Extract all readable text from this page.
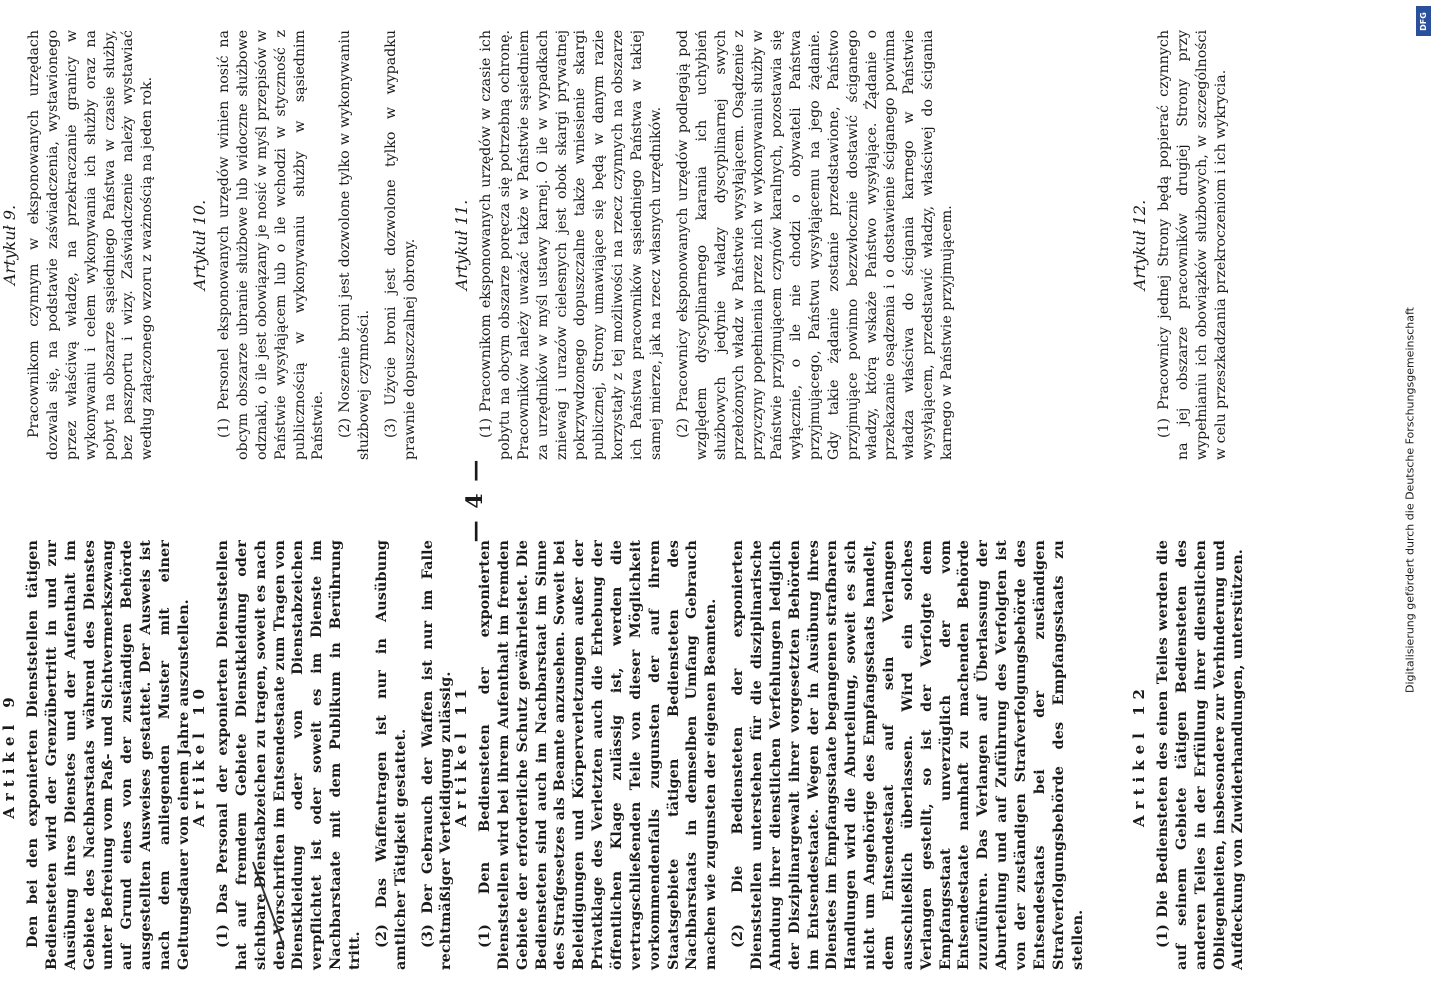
— 4 —

Artykuł 9. Pracownikom czynnym w eksponowanych urzędach dozwala się, na podstawie zaświadczenia, wystawionego przez właściwą władzę, na przekraczanie granicy w wykonywaniu i celem wykonywania ich służby oraz na pobyt na obszarze sąsiedniego Państwa w czasie służby, bez paszportu i wizy. Zaświadczenie należy wystawiać według załączonego wzoru z ważnością na jeden rok. Artykuł 10. (1) Personel eksponowanych urzędów winien nosić na obcym obszarze ubranie służbowe lub widoczne służbowe odznaki, o ile jest obowiązany je nosić w myśl przepisów w Państwie wysyłającem lub o ile wchodzi w styczność z publicznością w wykonywaniu służby w sąsiednim Państwie. (2) Noszenie broni jest dozwolone tylko w wykonywaniu służbowej czynności. (3) Użycie broni jest dozwolone tylko w wypadku prawnie dopuszczalnej obrony. Artykuł 11. (1) Pracownikom eksponowanych urzędów w czasie ich pobytu na obcym obszarze poręcza się potrzebną ochronę. Pracowników należy uważać także w Państwie sąsiedniem za urzędników w myśl ustawy karnej. O ile w wypadkach zniewag i urazów cielesnych jest obok skargi prywatnej pokrzywdzonego dopuszczalne także wniesienie skargi publicznej, Strony umawiające się będą w danym razie korzystały z tej możliwości na rzecz czynnych na obszarze ich Państwa pracowników sąsiedniego Państwa w takiej samej mierze, jak na rzecz własnych urzędników. (2) Pracownicy eksponowanych urzędów podlegają pod względem dyscyplinarnego karania ich uchybień służbowych jedynie władzy dyscyplinarnej swych przełożonych władz w Państwie wysyłającem. Osądzenie z przyczyny popełnienia przez nich w wykonywaniu służby w Państwie przyjmującem czynów karalnych, pozostawia się wyłącznie, o ile nie chodzi o obywateli Państwa przyjmującego, Państwu wysyłającemu na jego żądanie. Gdy takie żądanie zostanie przedstawione, Państwo przyjmujące powinno bezzwłocznie dostawić ściganego władzy, którą wskaże Państwo wysyłające. Żądanie o przekazanie osądzenia i o dostawienie ściganego powinna władza właściwa do ścigania karnego w Państwie wysyłającem, przedstawić władzy, właściwej do ścigania karnego w Państwie przyjmującem.	Artykuł 12. (1) Pracownicy jednej Strony będą popierać czynnych na jej obszarze pracowników drugiej Strony przy wypełnianiu ich obowiązków służbowych, w szczególności w celu przeszkadzania przekroczeniom i ich wykrycia.

Artikel 9 Den bei den exponierten Dienststellen tätigen Bediensteten wird der Grenzübertritt in und zur Ausübung ihres Dienstes und der Aufenthalt im Gebiete des Nachbarstaats während des Dienstes unter Befreiung vom Paß- und Sichtvermerkszwang auf Grund eines von der zuständigen Behörde ausgestellten Ausweises gestattet. Der Ausweis ist nach dem anliegenden Muster mit einer Geltungsdauer von einem Jahre auszustellen.

Artikel 10 (1) Das Personal der exponierten Dienststellen hat auf fremdem Gebiete Dienstkleidung oder sichtbare Dienstabzeichen zu tragen, soweit es nach den Vorschriften im Entsendestaate zum Tragen von Dienstkleidung oder von Dienstabzeichen verpflichtet ist oder soweit es im Dienste im Nachbarstaate mit dem Publikum in Berührung tritt.

(2) Das Waffentragen ist nur in Ausübung amtlicher Tätigkeit gestattet. (3) Der Gebrauch der Waffen ist nur im Falle rechtmäßiger Verteidigung zulässig.

Artikel 11 (1) Den Bediensteten der exponierten Dienststellen wird bei ihrem Aufenthalt im fremden Gebiete der erforderliche Schutz gewährleistet. Die Bediensteten sind auch im Nachbarstaat im Sinne des Strafgesetzes als Beamte anzusehen. Soweit bei Beleidigungen und Körperverletzungen außer der Privatklage des Verletzten auch die Erhebung der öffentlichen Klage zulässig ist, werden die vertragschließenden Teile von dieser Möglichkeit vorkommendenfalls zugunsten der auf ihrem Staatsgebiete tätigen Bediensteten des Nachbarstaats in demselben Umfang Gebrauch machen wie zugunsten der eigenen Beamten. (2) Die Bediensteten der exponierten Dienststellen unterstehen für die disziplinarische Ahndung ihrer dienstlichen Verfehlungen lediglich der Disziplinargewalt ihrer vorgesetzten Behörden im Entsendestaate. Wegen der in Ausübung ihres Dienstes im Empfangsstaate begangenen strafbaren Handlungen wird die Aburteilung, soweit es sich nicht um Angehörige des Empfangsstaats handelt, dem Entsendestaat auf sein Verlangen ausschließlich überlassen. Wird ein solches Verlangen gestellt, so ist der Verfolgte dem Empfangsstaat unverzüglich der vom Entsendestaate namhaft zu machenden Behörde zuzuführen. Das Verlangen auf Überlassung der Aburteilung und auf Zuführung des Verfolgten ist von der zuständigen Strafverfolgungsbehörde des Entsendestaats bei der zuständigen Strafverfolgungsbehörde des Empfangsstaats zu stellen.

Artikel 12 (1) Die Bediensteten des einen Teiles werden die auf seinem Gebiete tätigen Bediensteten des anderen Teiles in der Erfüllung ihrer dienstlichen Obliegenheiten, insbesondere zur Verhinderung und Aufdeckung von Zuwiderhandlungen, unterstützen.

DFG
Digitalisierung gefördert durch die Deutsche Forschungsgemeinschaft
